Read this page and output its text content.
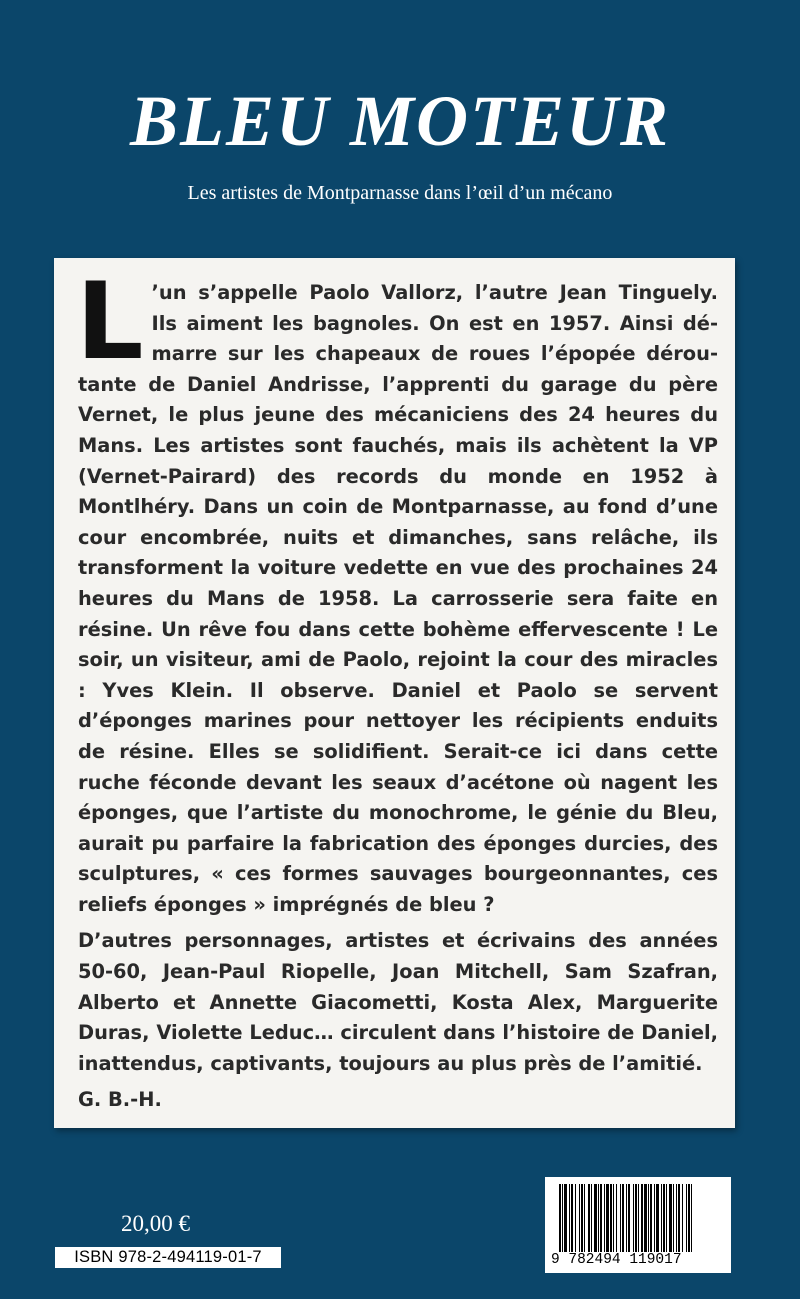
BLEU MOTEUR
Les artistes de Montparnasse dans l’œil d’un mécano

L ’un s’appelle Paolo Vallorz, l’autre Jean Tinguely. Ils aiment les bagnoles. On est en 1957. Ainsi démarre sur les chapeaux de roues l’épopée déroutante de Daniel Andrisse, l’apprenti du garage du père Vernet, le plus jeune des mécaniciens des 24 heures du Mans. Les artistes sont fauchés, mais ils achètent la VP (Vernet-Pairard) des records du monde en 1952 à Montlhéry. Dans un coin de Montparnasse, au fond d’une cour encombrée, nuits et dimanches, sans relâche, ils transforment la voiture vedette en vue des prochaines 24 heures du Mans de 1958. La carrosserie sera faite en résine. Un rêve fou dans cette bohème effervescente ! Le soir, un visiteur, ami de Paolo, rejoint la cour des miracles : Yves Klein. Il observe. Daniel et Paolo se servent d’éponges marines pour nettoyer les récipients enduits de résine. Elles se solidifient. Serait-ce ici dans cette ruche féconde devant les seaux d’acétone où nagent les éponges, que l’artiste du monochrome, le génie du Bleu, aurait pu parfaire la fabrication des éponges durcies, des sculptures, « ces formes sauvages bourgeonnantes, ces reliefs éponges » imprégnés de bleu ?

D’autres personnages, artistes et écrivains des années 50-60, Jean-Paul Riopelle, Joan Mitchell, Sam Szafran, Alberto et Annette Giacometti, Kosta Alex, Marguerite Duras, Violette Leduc… circulent dans l’histoire de Daniel, inattendus, captivants, toujours au plus près de l’amitié.

G. B.-H.

20,00 €
ISBN 978-2-494119-01-7	9 782494 119017
